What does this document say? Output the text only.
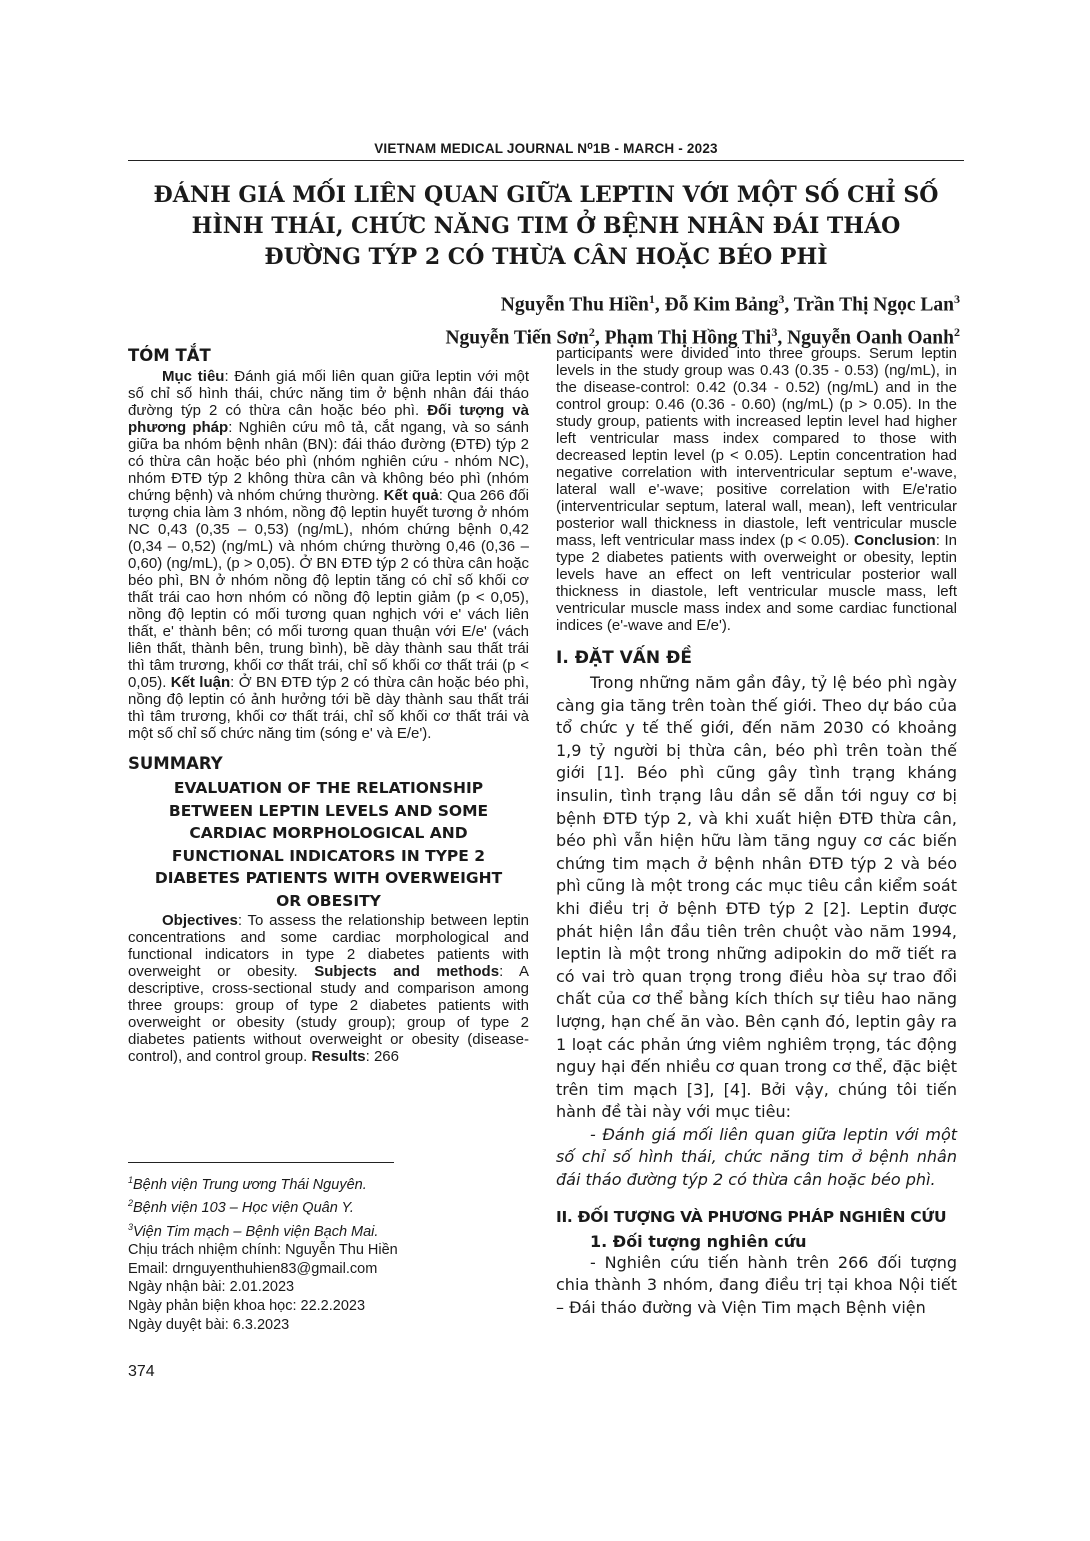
VIETNAM MEDICAL JOURNAL N⁰1B - MARCH - 2023
ĐÁNH GIÁ MỐI LIÊN QUAN GIỮA LEPTIN VỚI MỘT SỐ CHỈ SỐ HÌNH THÁI, CHỨC NĂNG TIM Ở BỆNH NHÂN ĐÁI THÁO ĐƯỜNG TÝP 2 CÓ THỪA CÂN HOẶC BÉO PHÌ
Nguyễn Thu Hiền$^1$, Đỗ Kim Bảng$^3$, Trần Thị Ngọc Lan$^3$
Nguyễn Tiến Sơn$^2$, Phạm Thị Hồng Thi$^3$, Nguyễn Oanh Oanh$^2$
TÓM TẮT

Mục tiêu: Đánh giá mối liên quan giữa leptin với một số chỉ số hình thái, chức năng tim ở bệnh nhân đái tháo đường týp 2 có thừa cân hoặc béo phì. Đối tượng và phương pháp: Nghiên cứu mô tả, cắt ngang, và so sánh giữa ba nhóm bệnh nhân (BN): đái tháo đường (ĐTĐ) týp 2 có thừa cân hoặc béo phì (nhóm nghiên cứu - nhóm NC), nhóm ĐTĐ týp 2 không thừa cân và không béo phì (nhóm chứng bệnh) và nhóm chứng thường. Kết quả: Qua 266 đối tượng chia làm 3 nhóm, nồng độ leptin huyết tương ở nhóm NC 0,43 (0,35 – 0,53) (ng/mL), nhóm chứng bệnh 0,42 (0,34 – 0,52) (ng/mL) và nhóm chứng thường 0,46 (0,36 – 0,60) (ng/mL), (p > 0,05). Ở BN ĐTĐ týp 2 có thừa cân hoặc béo phì, BN ở nhóm nồng độ leptin tăng có chỉ số khối cơ thất trái cao hơn nhóm có nồng độ leptin giảm (p < 0,05), nồng độ leptin có mối tương quan nghịch với e' vách liên thất, e' thành bên; có mối tương quan thuận với E/e' (vách liên thất, thành bên, trung bình), bề dày thành sau thất trái thì tâm trương, khối cơ thất trái, chỉ số khối cơ thất trái (p < 0,05). Kết luận: Ở BN ĐTĐ týp 2 có thừa cân hoặc béo phì, nồng độ leptin có ảnh hưởng tới bề dày thành sau thất trái thì tâm trương, khối cơ thất trái, chỉ số khối cơ thất trái và một số chỉ số chức năng tim (sóng e' và E/e').

SUMMARY

EVALUATION OF THE RELATIONSHIP BETWEEN LEPTIN LEVELS AND SOME CARDIAC MORPHOLOGICAL AND FUNCTIONAL INDICATORS IN TYPE 2 DIABETES PATIENTS WITH OVERWEIGHT OR OBESITY

Objectives: To assess the relationship between leptin concentrations and some cardiac morphological and functional indicators in type 2 diabetes patients with overweight or obesity. Subjects and methods: A descriptive, cross-sectional study and comparison among three groups: group of type 2 diabetes patients with overweight or obesity (study group); group of type 2 diabetes patients without overweight or obesity (disease-control), and control group. Results: 266

$^1$Bệnh viện Trung ương Thái Nguyên.
$^2$Bệnh viện 103 – Học viện Quân Y.
$^3$Viện Tim mạch – Bệnh viện Bạch Mai.
Chịu trách nhiệm chính: Nguyễn Thu Hiền
Email: drnguyenthuhien83@gmail.com
Ngày nhận bài: 2.01.2023
Ngày phản biện khoa học: 22.2.2023
Ngày duyệt bài: 6.3.2023
374

participants were divided into three groups. Serum leptin levels in the study group was 0.43 (0.35 - 0.53) (ng/mL), in the disease-control: 0.42 (0.34 - 0.52) (ng/mL) and in the control group: 0.46 (0.36 - 0.60) (ng/mL) (p > 0.05). In the study group, patients with increased leptin level had higher left ventricular mass index compared to those with decreased leptin level (p < 0.05). Leptin concentration had negative correlation with interventricular septum e'-wave, lateral wall e'-wave; positive correlation with E/e'ratio (interventricular septum, lateral wall, mean), left ventricular posterior wall thickness in diastole, left ventricular muscle mass, left ventricular mass index (p < 0.05). Conclusion: In type 2 diabetes patients with overweight or obesity, leptin levels have an effect on left ventricular posterior wall thickness in diastole, left ventricular muscle mass, left ventricular muscle mass index and some cardiac functional indices (e'-wave and E/e').

I. ĐẶT VẤN ĐỀ

Trong những năm gần đây, tỷ lệ béo phì ngày càng gia tăng trên toàn thế giới. Theo dự báo của tổ chức y tế thế giới, đến năm 2030 có khoảng 1,9 tỷ người bị thừa cân, béo phì trên toàn thế giới [1]. Béo phì cũng gây tình trạng kháng insulin, tình trạng lâu dần sẽ dẫn tới nguy cơ bị bệnh ĐTĐ týp 2, và khi xuất hiện ĐTĐ thừa cân, béo phì vẫn hiện hữu làm tăng nguy cơ các biến chứng tim mạch ở bệnh nhân ĐTĐ týp 2 và béo phì cũng là một trong các mục tiêu cần kiểm soát khi điều trị ở bệnh ĐTĐ týp 2 [2]. Leptin được phát hiện lần đầu tiên trên chuột vào năm 1994, leptin là một trong những adipokin do mỡ tiết ra có vai trò quan trọng trong điều hòa sự trao đổi chất của cơ thể bằng kích thích sự tiêu hao năng lượng, hạn chế ăn vào. Bên cạnh đó, leptin gây ra 1 loạt các phản ứng viêm nghiêm trọng, tác động nguy hại đến nhiều cơ quan trong cơ thể, đặc biệt trên tim mạch [3], [4]. Bởi vậy, chúng tôi tiến hành đề tài này với mục tiêu:

- Đánh giá mối liên quan giữa leptin với một số chỉ số hình thái, chức năng tim ở bệnh nhân đái tháo đường týp 2 có thừa cân hoặc béo phì.

II. ĐỐI TƯỢNG VÀ PHƯƠNG PHÁP NGHIÊN CỨU
1. Đối tượng nghiên cứu

- Nghiên cứu tiến hành trên 266 đối tượng chia thành 3 nhóm, đang điều trị tại khoa Nội tiết – Đái tháo đường và Viện Tim mạch Bệnh viện
